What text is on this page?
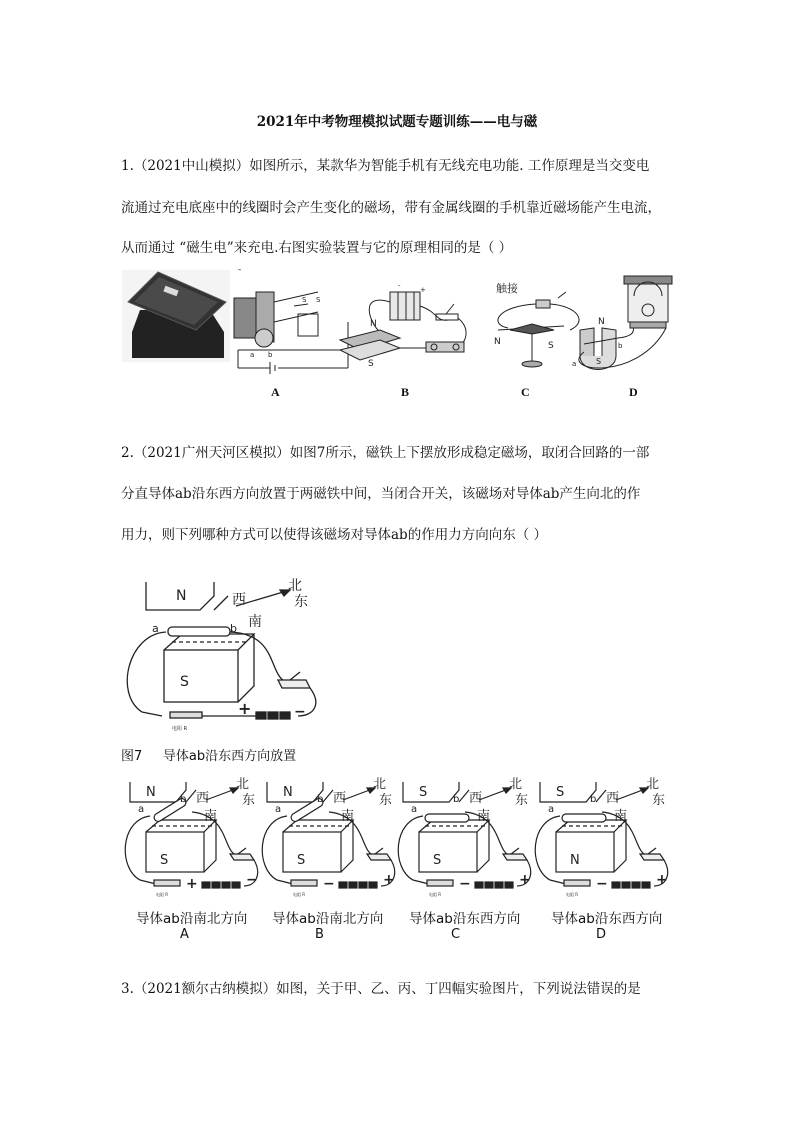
2021年中考物理模拟试题专题训练——电与磁
1.（2021中山模拟）如图所示，某款华为智能手机有无线充电功能. 工作原理是当交变电
流通过充电底座中的线圈时会产生变化的磁场，带有金属线圈的手机靠近磁场能产生电流，
从而通过 “磁生电”来充电.右图实验装置与它的原理相同的是（ ）
-
S S
a b
-	+
N
S
触接
N	S
N
S
a
b
A	B	C	D
2.（2021广州天河区模拟）如图7所示，磁铁上下摆放形成稳定磁场，取闭合回路的一部
分直导体ab沿东西方向放置于两磁铁中间，当闭合开关，该磁场对导体ab产生向北的作
用力，则下列哪种方式可以使得该磁场对导体ab的作用力方向向东（ ）
N
S
西
南
北
东
a	b
+	−
电阻 R
图7     导体ab沿东西方向放置
N
S
西
南
北
东
a
b
+	−
电阻 R
N
S
西
南
北
东
a
b
−	+
电阻 R
S
S
西
南
北
东
a
b
−	+
电阻 R
S
N
西
南
北
东
a
b
−	+
电阻 R
导体ab沿南北方向 导体ab沿南北方向 导体ab沿东西方向 导体ab沿东西方向
A	B	C	D
3.（2021额尔古纳模拟）如图，关于甲、乙、丙、丁四幅实验图片，下列说法错误的是
